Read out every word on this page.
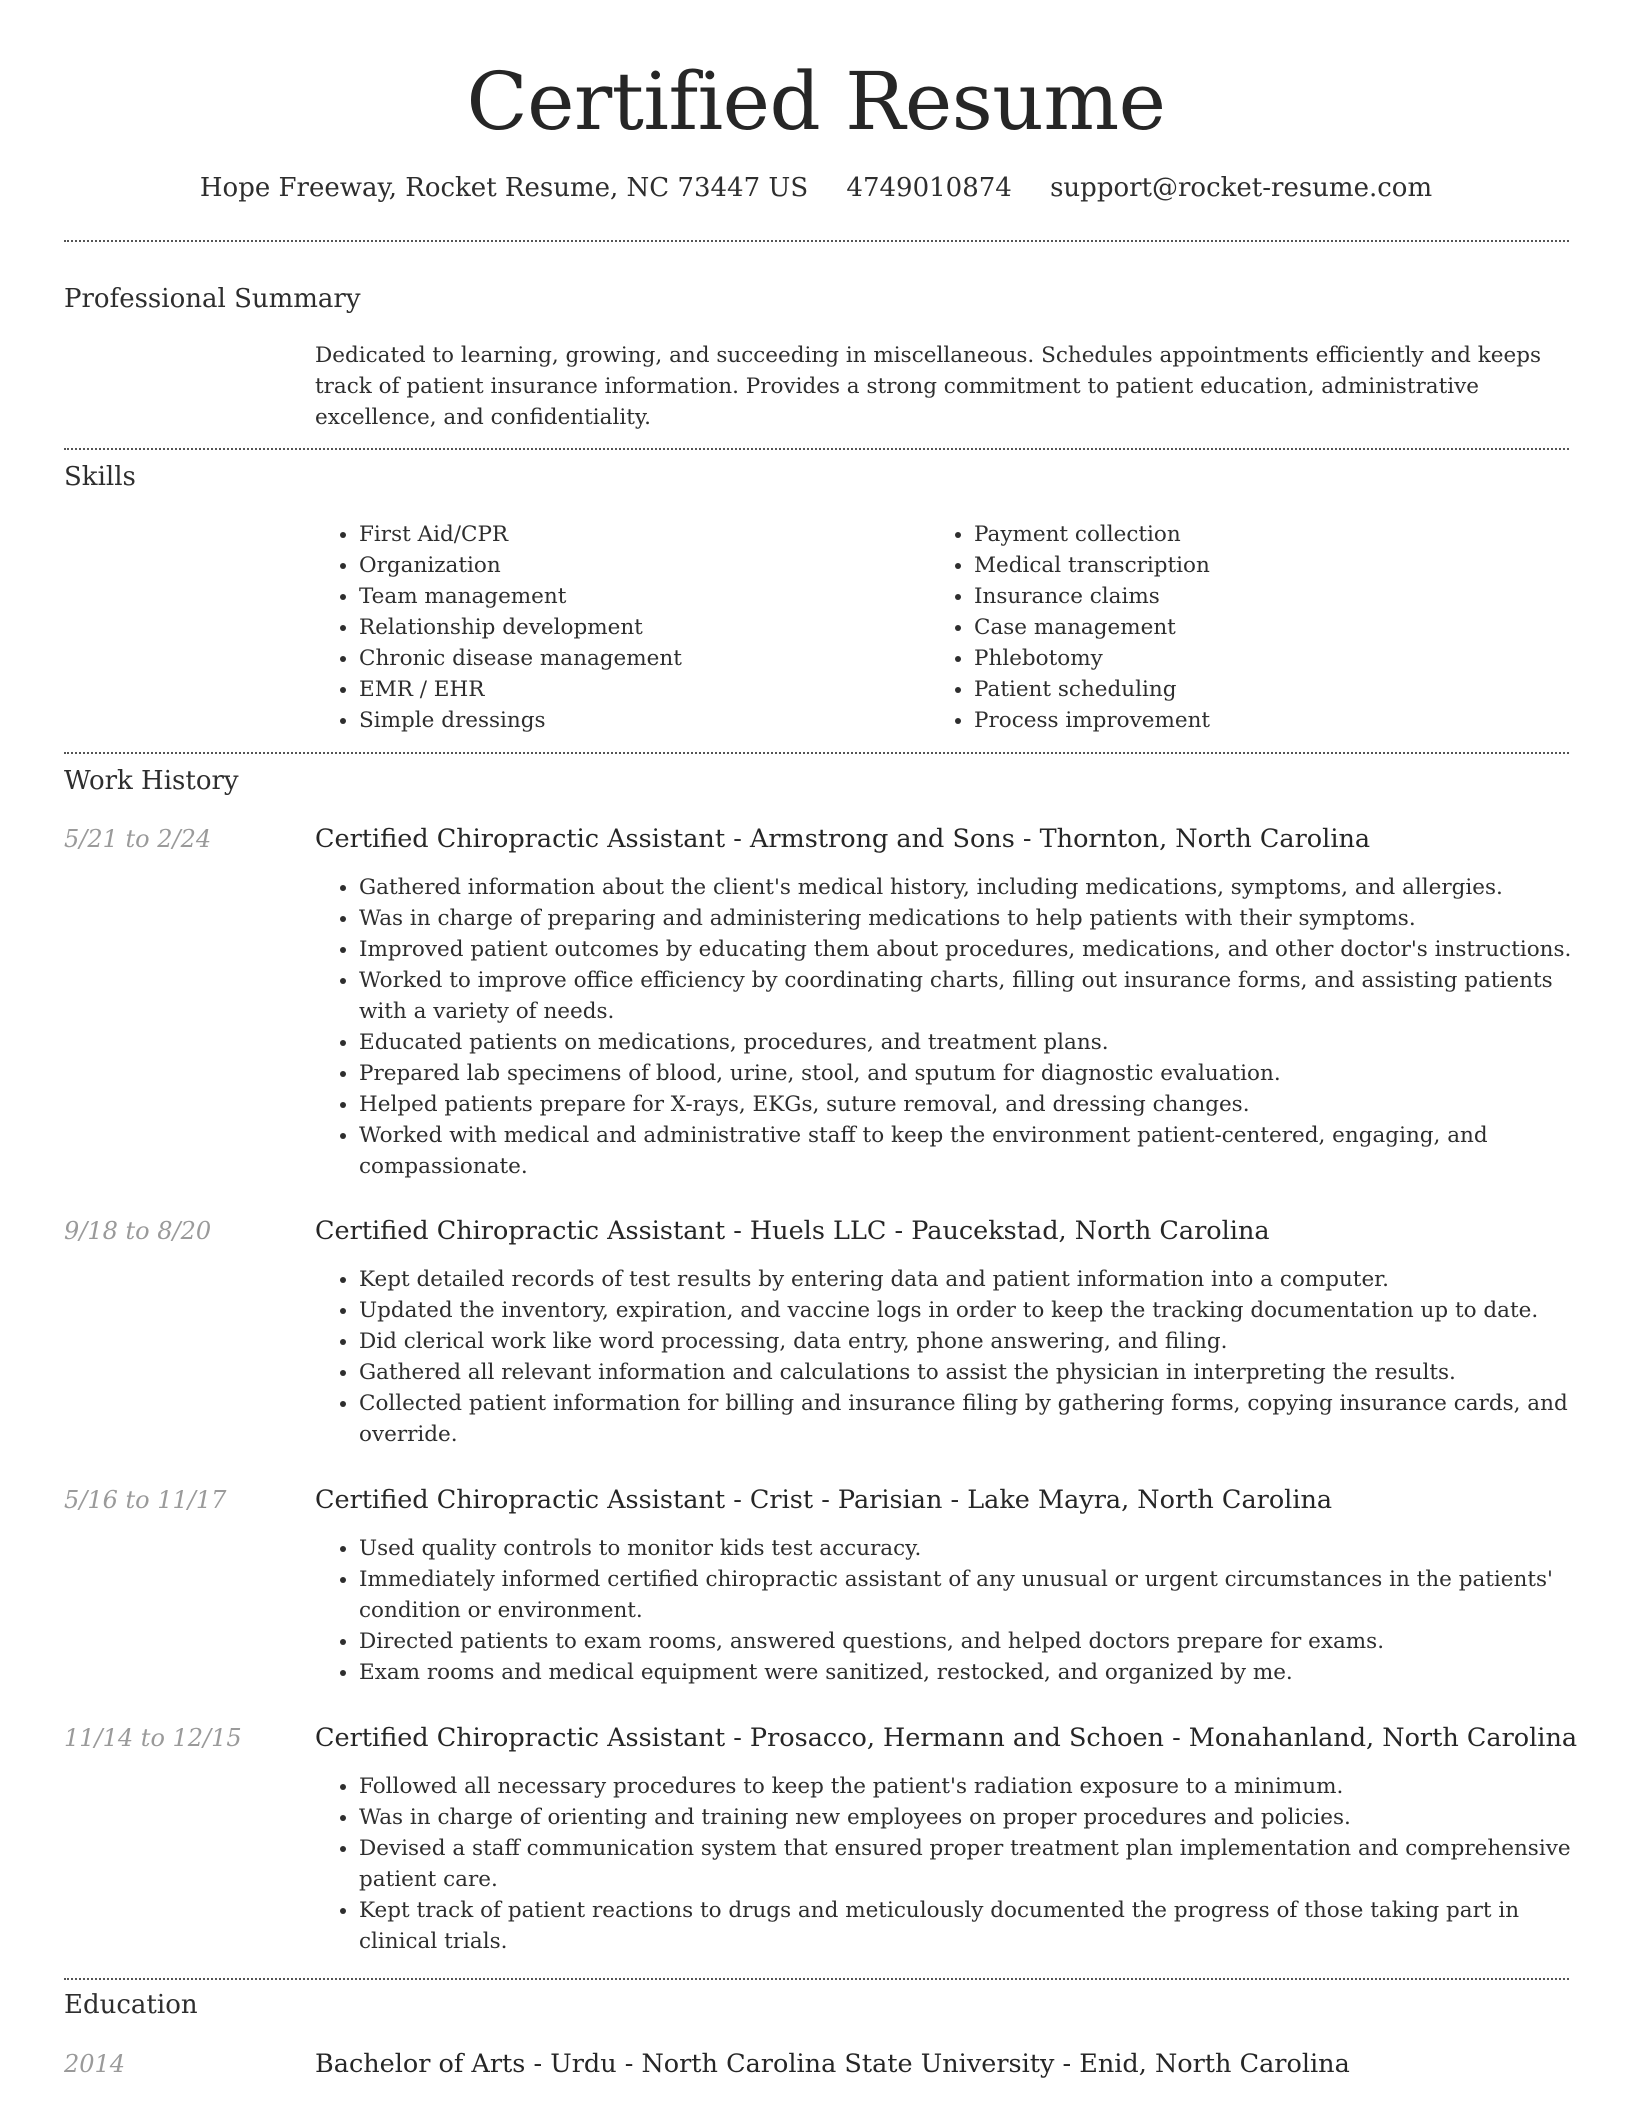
Certified Resume
Hope Freeway, Rocket Resume, NC 73447 US 4749010874 support@rocket-resume.com
Professional Summary
Dedicated to learning, growing, and succeeding in miscellaneous. Schedules appointments efficiently and keeps track of patient insurance information. Provides a strong commitment to patient education, administrative excellence, and confidentiality.
Skills
• First Aid/CPR
• Organization
• Team management
• Relationship development
• Chronic disease management
• EMR / EHR
• Simple dressings
• Payment collection
• Medical transcription
• Insurance claims
• Case management
• Phlebotomy
• Patient scheduling
• Process improvement
Work History
5/21 to 2/24	Certified Chiropractic Assistant - Armstrong and Sons - Thornton, North Carolina
• Gathered information about the client's medical history, including medications, symptoms, and allergies.
• Was in charge of preparing and administering medications to help patients with their symptoms.
• Improved patient outcomes by educating them about procedures, medications, and other doctor's instructions.
• Worked to improve office efficiency by coordinating charts, filling out insurance forms, and assisting patients with a variety of needs.
• Educated patients on medications, procedures, and treatment plans.
• Prepared lab specimens of blood, urine, stool, and sputum for diagnostic evaluation.
• Helped patients prepare for X-rays, EKGs, suture removal, and dressing changes.
• Worked with medical and administrative staff to keep the environment patient-centered, engaging, and compassionate.
9/18 to 8/20	Certified Chiropractic Assistant - Huels LLC - Paucekstad, North Carolina
• Kept detailed records of test results by entering data and patient information into a computer.
• Updated the inventory, expiration, and vaccine logs in order to keep the tracking documentation up to date.
• Did clerical work like word processing, data entry, phone answering, and filing.
• Gathered all relevant information and calculations to assist the physician in interpreting the results.
• Collected patient information for billing and insurance filing by gathering forms, copying insurance cards, and override.
5/16 to 11/17	Certified Chiropractic Assistant - Crist - Parisian - Lake Mayra, North Carolina
• Used quality controls to monitor kids test accuracy.
• Immediately informed certified chiropractic assistant of any unusual or urgent circumstances in the patients' condition or environment.
• Directed patients to exam rooms, answered questions, and helped doctors prepare for exams.
• Exam rooms and medical equipment were sanitized, restocked, and organized by me.
11/14 to 12/15	Certified Chiropractic Assistant - Prosacco, Hermann and Schoen - Monahanland, North Carolina
• Followed all necessary procedures to keep the patient's radiation exposure to a minimum.
• Was in charge of orienting and training new employees on proper procedures and policies.
• Devised a staff communication system that ensured proper treatment plan implementation and comprehensive patient care.
• Kept track of patient reactions to drugs and meticulously documented the progress of those taking part in clinical trials.
Education
2014	Bachelor of Arts - Urdu - North Carolina State University - Enid, North Carolina
